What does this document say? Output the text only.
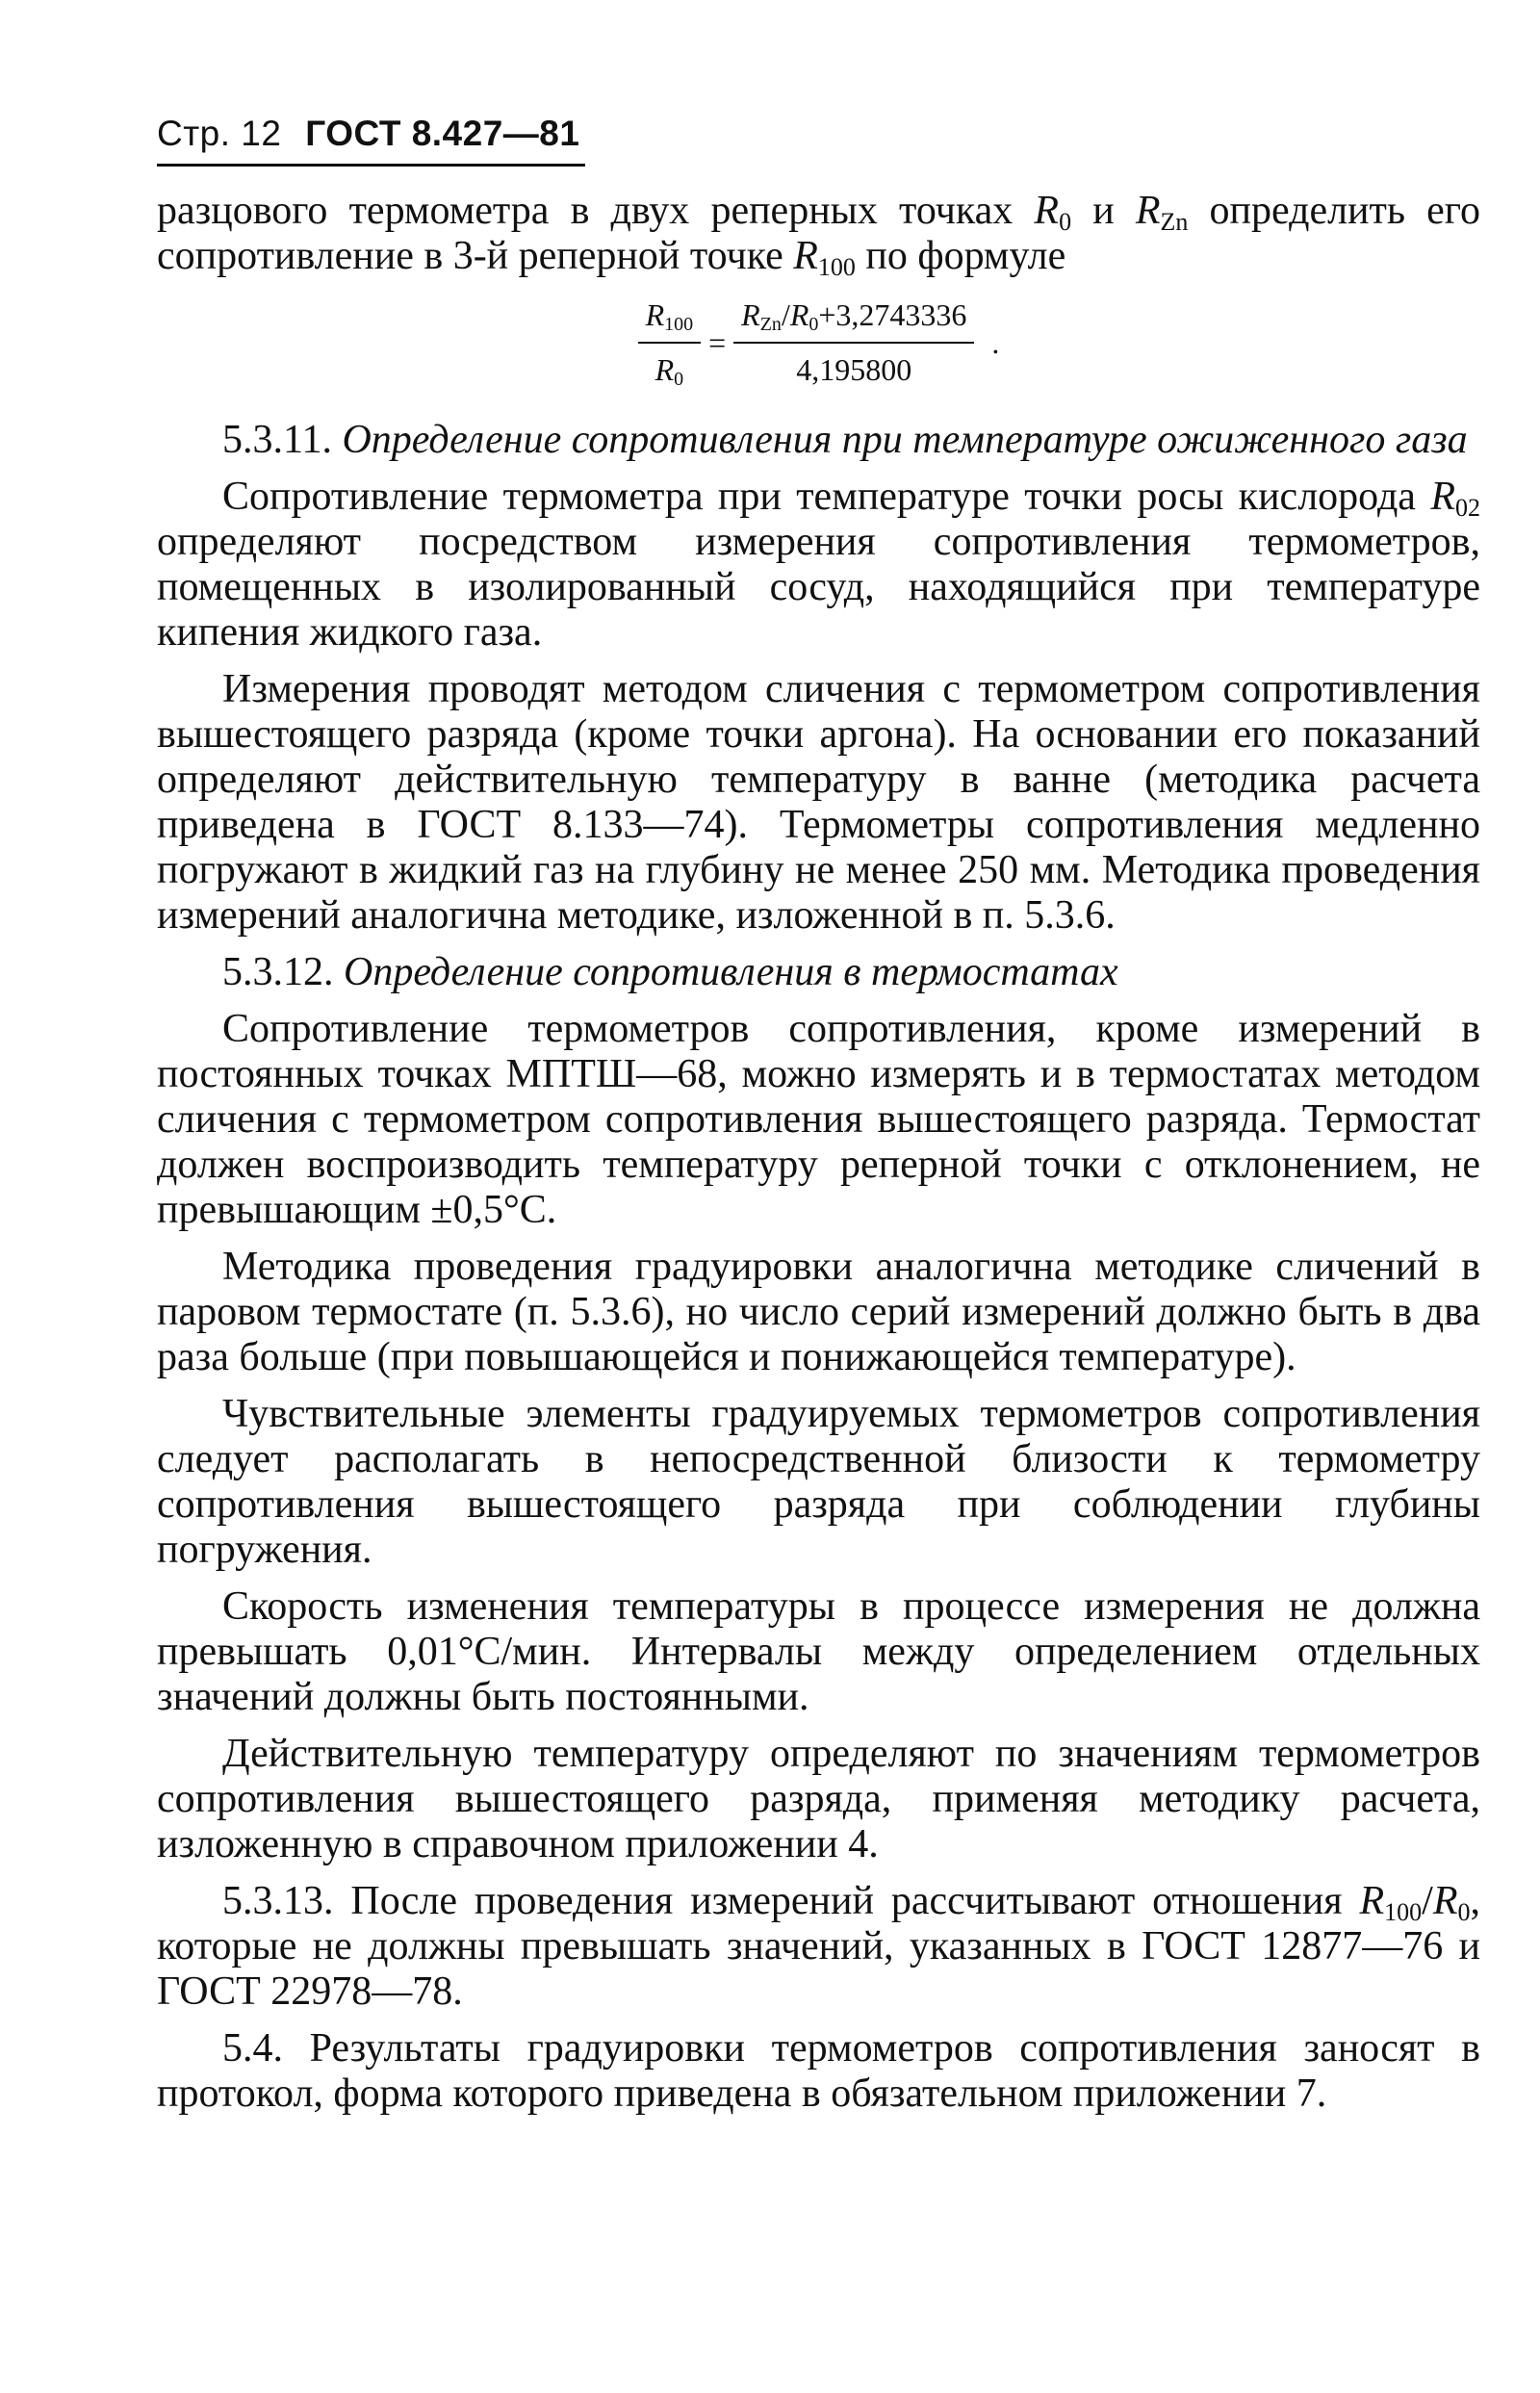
Стр. 12 ГОСТ 8.427—81

разцового термометра в двух реперных точках $R_0$ и $R_{Zn}$ определить его сопротивление в 3-й реперной точке $R_{100}$ по формуле

$\frac{R_{100}}{R_0} = \frac{R_{Zn}/R_0+3,2743336}{4,195800}$ .

5.3.11. Определение сопротивления при температуре ожиженного газа

Сопротивление термометра при температуре точки росы кислорода $R_{02}$ определяют посредством измерения сопротивления термометров, помещенных в изолированный сосуд, находящийся при температуре кипения жидкого газа.

Измерения проводят методом сличения с термометром сопротивления вышестоящего разряда (кроме точки аргона). На основании его показаний определяют действительную температуру в ванне (методика расчета приведена в ГОСТ 8.133—74). Термометры сопротивления медленно погружают в жидкий газ на глубину не менее 250 мм. Методика проведения измерений аналогична методике, изложенной в п. 5.3.6.

5.3.12. Определение сопротивления в термостатах

Сопротивление термометров сопротивления, кроме измерений в постоянных точках МПТШ—68, можно измерять и в термостатах методом сличения с термометром сопротивления вышестоящего разряда. Термостат должен воспроизводить температуру реперной точки с отклонением, не превышающим ±0,5°С.

Методика проведения градуировки аналогична методике сличений в паровом термостате (п. 5.3.6), но число серий измерений должно быть в два раза больше (при повышающейся и понижающейся температуре).

Чувствительные элементы градуируемых термометров сопротивления следует располагать в непосредственной близости к термометру сопротивления вышестоящего разряда при соблюдении глубины погружения.

Скорость изменения температуры в процессе измерения не должна превышать 0,01°С/мин. Интервалы между определением отдельных значений должны быть постоянными.

Действительную температуру определяют по значениям термометров сопротивления вышестоящего разряда, применяя методику расчета, изложенную в справочном приложении 4.

5.3.13. После проведения измерений рассчитывают отношения $R_{100}/R_0$, которые не должны превышать значений, указанных в ГОСТ 12877—76 и ГОСТ 22978—78.

5.4. Результаты градуировки термометров сопротивления заносят в протокол, форма которого приведена в обязательном приложении 7.
